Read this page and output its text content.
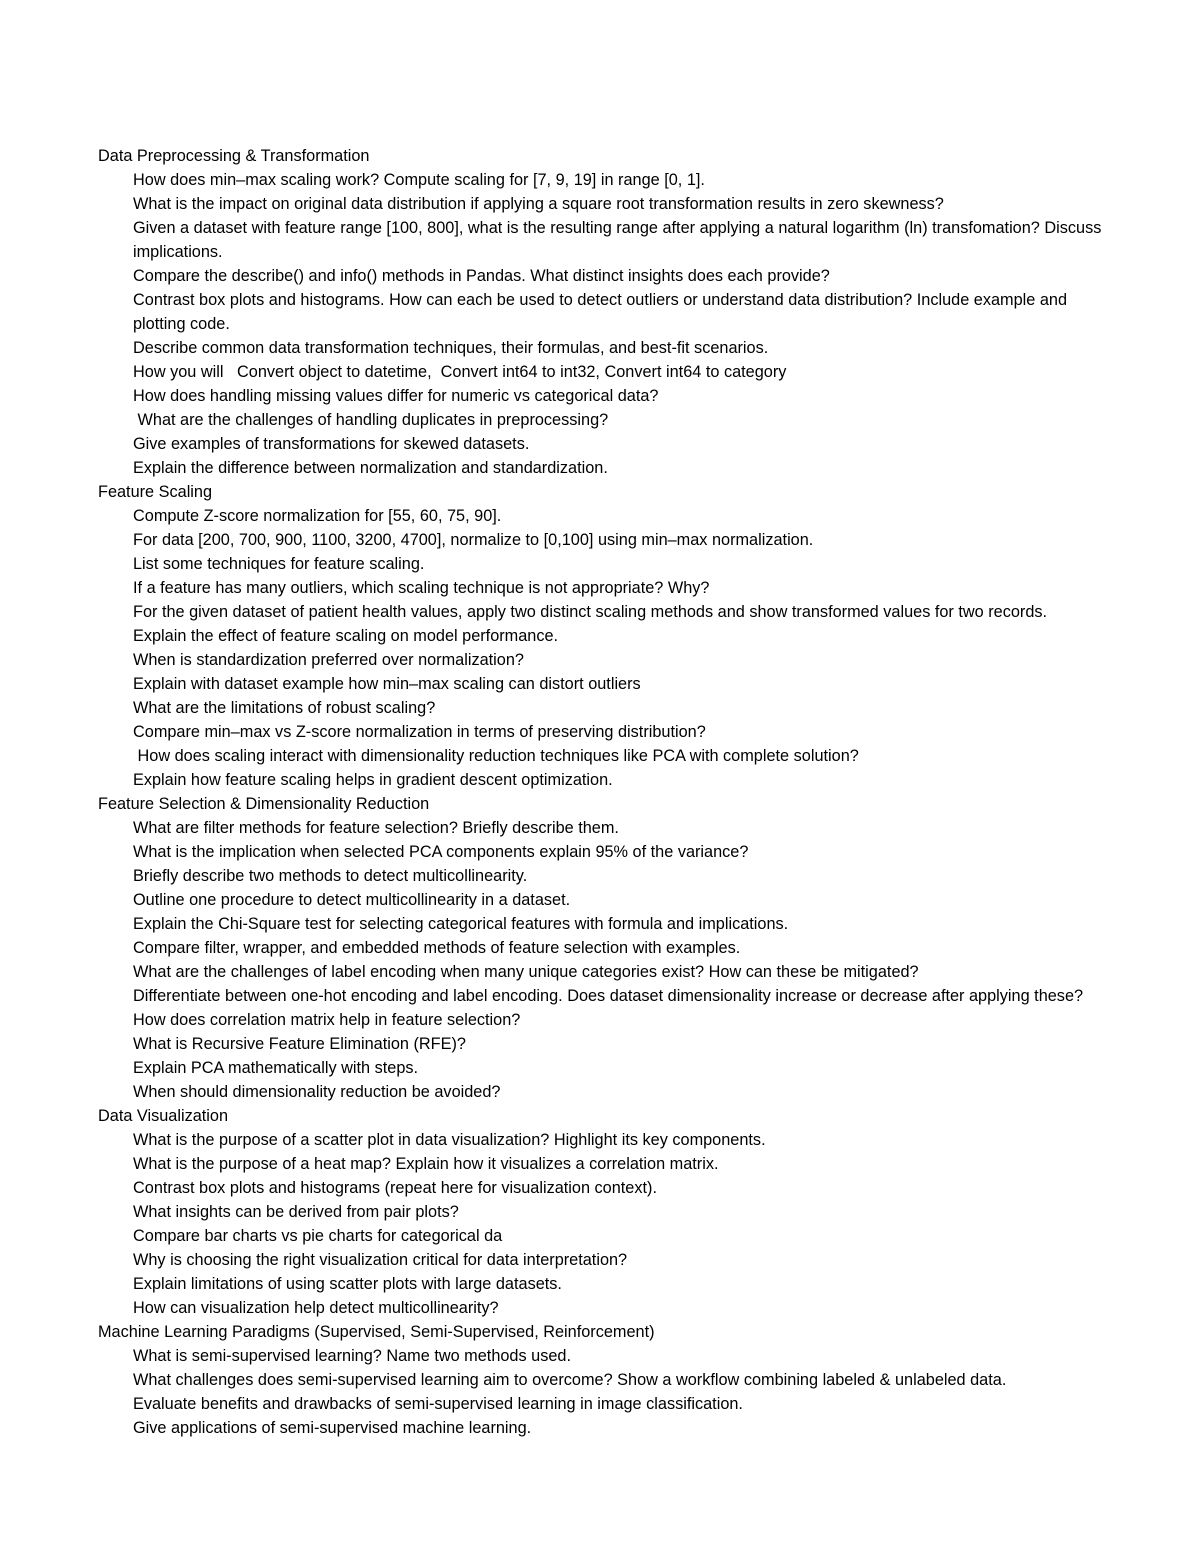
Data Preprocessing & Transformation
How does min–max scaling work? Compute scaling for [7, 9, 19] in range [0, 1].
What is the impact on original data distribution if applying a square root transformation results in zero skewness?
Given a dataset with feature range [100, 800], what is the resulting range after applying a natural logarithm (ln) transfomation? Discuss implications.
Compare the describe() and info() methods in Pandas. What distinct insights does each provide?
Contrast box plots and histograms. How can each be used to detect outliers or understand data distribution? Include example and plotting code.
Describe common data transformation techniques, their formulas, and best-fit scenarios.
How you will   Convert object to datetime,  Convert int64 to int32, Convert int64 to category
How does handling missing values differ for numeric vs categorical data?
What are the challenges of handling duplicates in preprocessing?
Give examples of transformations for skewed datasets.
Explain the difference between normalization and standardization.
Feature Scaling
Compute Z-score normalization for [55, 60, 75, 90].
For data [200, 700, 900, 1100, 3200, 4700], normalize to [0,100] using min–max normalization.
List some techniques for feature scaling.
If a feature has many outliers, which scaling technique is not appropriate? Why?
For the given dataset of patient health values, apply two distinct scaling methods and show transformed values for two records.
Explain the effect of feature scaling on model performance.
When is standardization preferred over normalization?
Explain with dataset example how min–max scaling can distort outliers
What are the limitations of robust scaling?
Compare min–max vs Z-score normalization in terms of preserving distribution?
How does scaling interact with dimensionality reduction techniques like PCA with complete solution?
Explain how feature scaling helps in gradient descent optimization.
Feature Selection & Dimensionality Reduction
What are filter methods for feature selection? Briefly describe them.
What is the implication when selected PCA components explain 95% of the variance?
Briefly describe two methods to detect multicollinearity.
Outline one procedure to detect multicollinearity in a dataset.
Explain the Chi-Square test for selecting categorical features with formula and implications.
Compare filter, wrapper, and embedded methods of feature selection with examples.
What are the challenges of label encoding when many unique categories exist? How can these be mitigated?
Differentiate between one-hot encoding and label encoding. Does dataset dimensionality increase or decrease after applying these?
How does correlation matrix help in feature selection?
What is Recursive Feature Elimination (RFE)?
Explain PCA mathematically with steps.
When should dimensionality reduction be avoided?
Data Visualization
What is the purpose of a scatter plot in data visualization? Highlight its key components.
What is the purpose of a heat map? Explain how it visualizes a correlation matrix.
Contrast box plots and histograms (repeat here for visualization context).
What insights can be derived from pair plots?
Compare bar charts vs pie charts for categorical da
Why is choosing the right visualization critical for data interpretation?
Explain limitations of using scatter plots with large datasets.
How can visualization help detect multicollinearity?
Machine Learning Paradigms (Supervised, Semi-Supervised, Reinforcement)
What is semi-supervised learning? Name two methods used.
What challenges does semi-supervised learning aim to overcome? Show a workflow combining labeled & unlabeled data.
Evaluate benefits and drawbacks of semi-supervised learning in image classification.
Give applications of semi-supervised machine learning.
